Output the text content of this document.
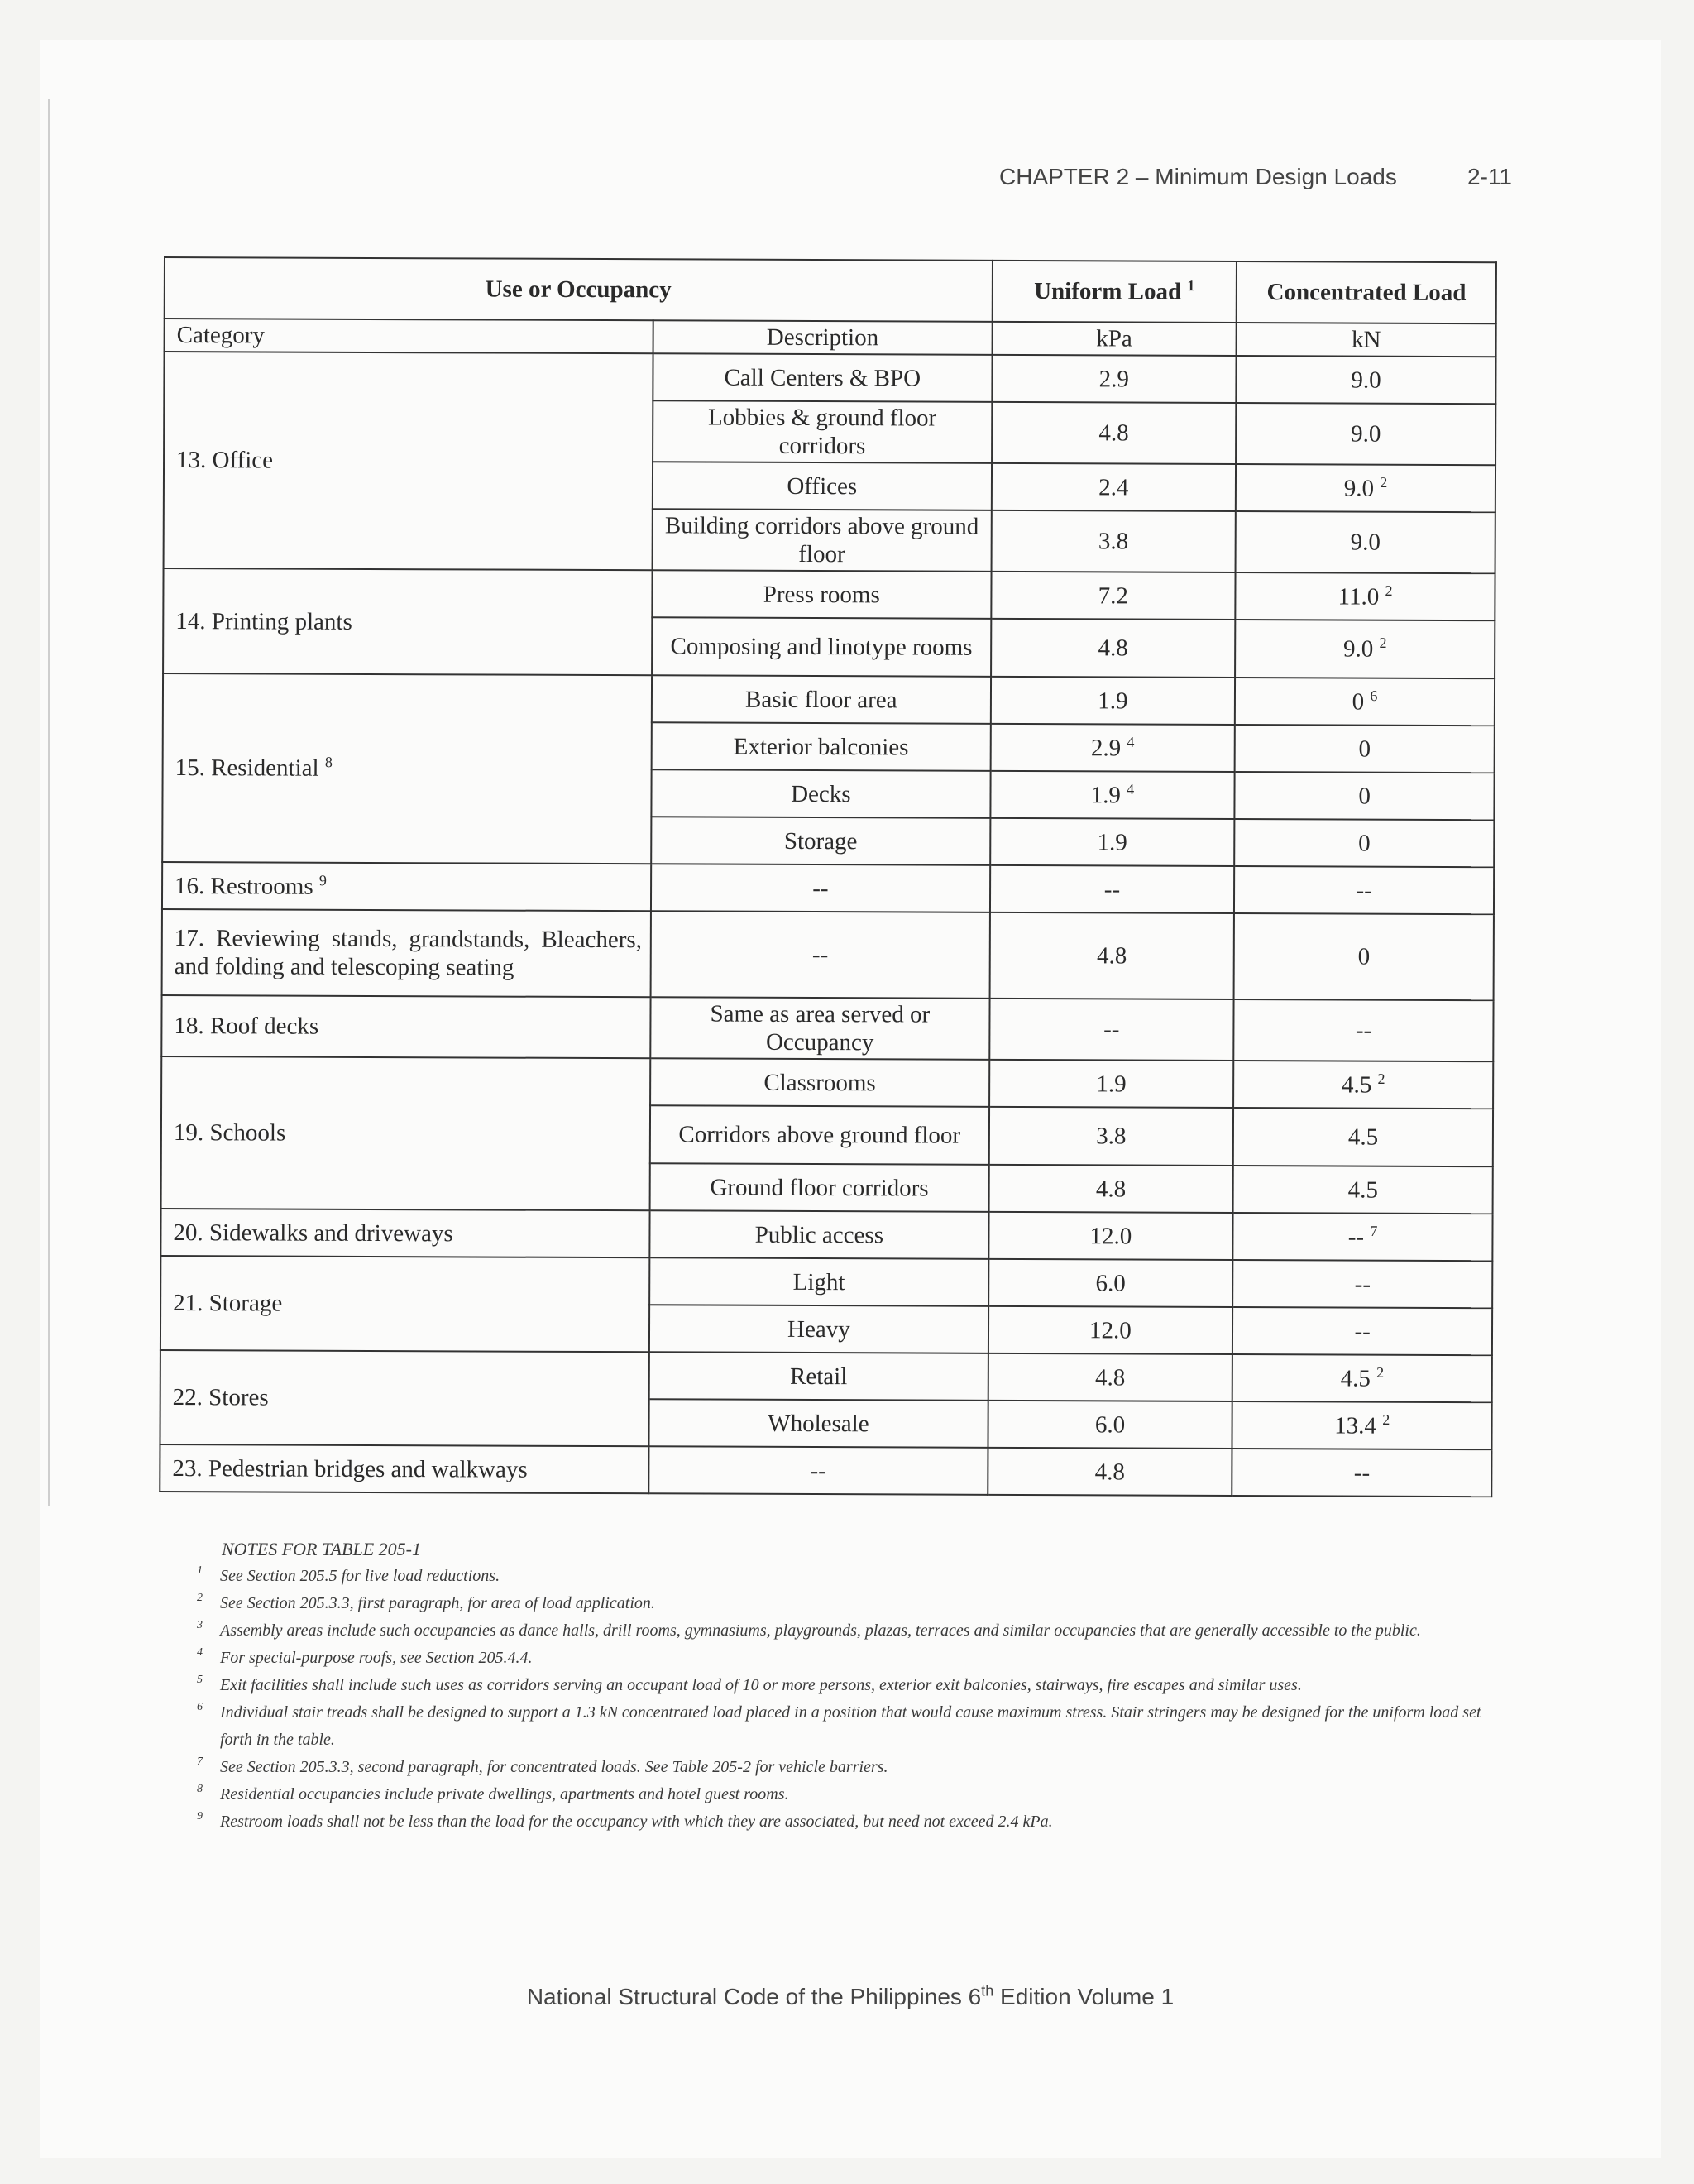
CHAPTER 2 – Minimum Design Loads	2-11
Use or Occupancy		Uniform Load $^1$	Concentrated Load
Category	Description	kPa	kN
13. Office	Call Centers & BPO	2.9	9.0
	Lobbies & ground floor corridors	4.8	9.0
	Offices	2.4	9.0 $^2$
	Building corridors above ground floor	3.8	9.0
14. Printing plants	Press rooms	7.2	11.0 $^2$
	Composing and linotype rooms	4.8	9.0 $^2$
15. Residential $^8$	Basic floor area	1.9	0 $^6$
	Exterior balconies	2.9 $^4$	0
	Decks	1.9 $^4$	0
	Storage	1.9	0
16. Restrooms $^9$	--	--	--
17. Reviewing stands, grandstands, Bleachers, and folding and telescoping seating	--	4.8	0
18. Roof decks	Same as area served or Occupancy	--	--
19. Schools	Classrooms	1.9	4.5 $^2$
	Corridors above ground floor	3.8	4.5
	Ground floor corridors	4.8	4.5
20. Sidewalks and driveways	Public access	12.0	-- $^7$
21. Storage	Light	6.0	--
	Heavy	12.0	--
22. Stores	Retail	4.8	4.5 $^2$
	Wholesale	6.0	13.4 $^2$
23. Pedestrian bridges and walkways	--	4.8	--
NOTES FOR TABLE 205-1
1	See Section 205.5 for live load reductions.
2	See Section 205.3.3, first paragraph, for area of load application.
3	Assembly areas include such occupancies as dance halls, drill rooms, gymnasiums, playgrounds, plazas, terraces and similar occupancies that are generally accessible to the public.
4	For special-purpose roofs, see Section 205.4.4.
5	Exit facilities shall include such uses as corridors serving an occupant load of 10 or more persons, exterior exit balconies, stairways, fire escapes and similar uses.
6	Individual stair treads shall be designed to support a 1.3 kN concentrated load placed in a position that would cause maximum stress. Stair stringers may be designed for the uniform load set forth in the table.
7	See Section 205.3.3, second paragraph, for concentrated loads. See Table 205-2 for vehicle barriers.
8	Residential occupancies include private dwellings, apartments and hotel guest rooms.
9	Restroom loads shall not be less than the load for the occupancy with which they are associated, but need not exceed 2.4 kPa.
National Structural Code of the Philippines 6th Edition Volume 1
